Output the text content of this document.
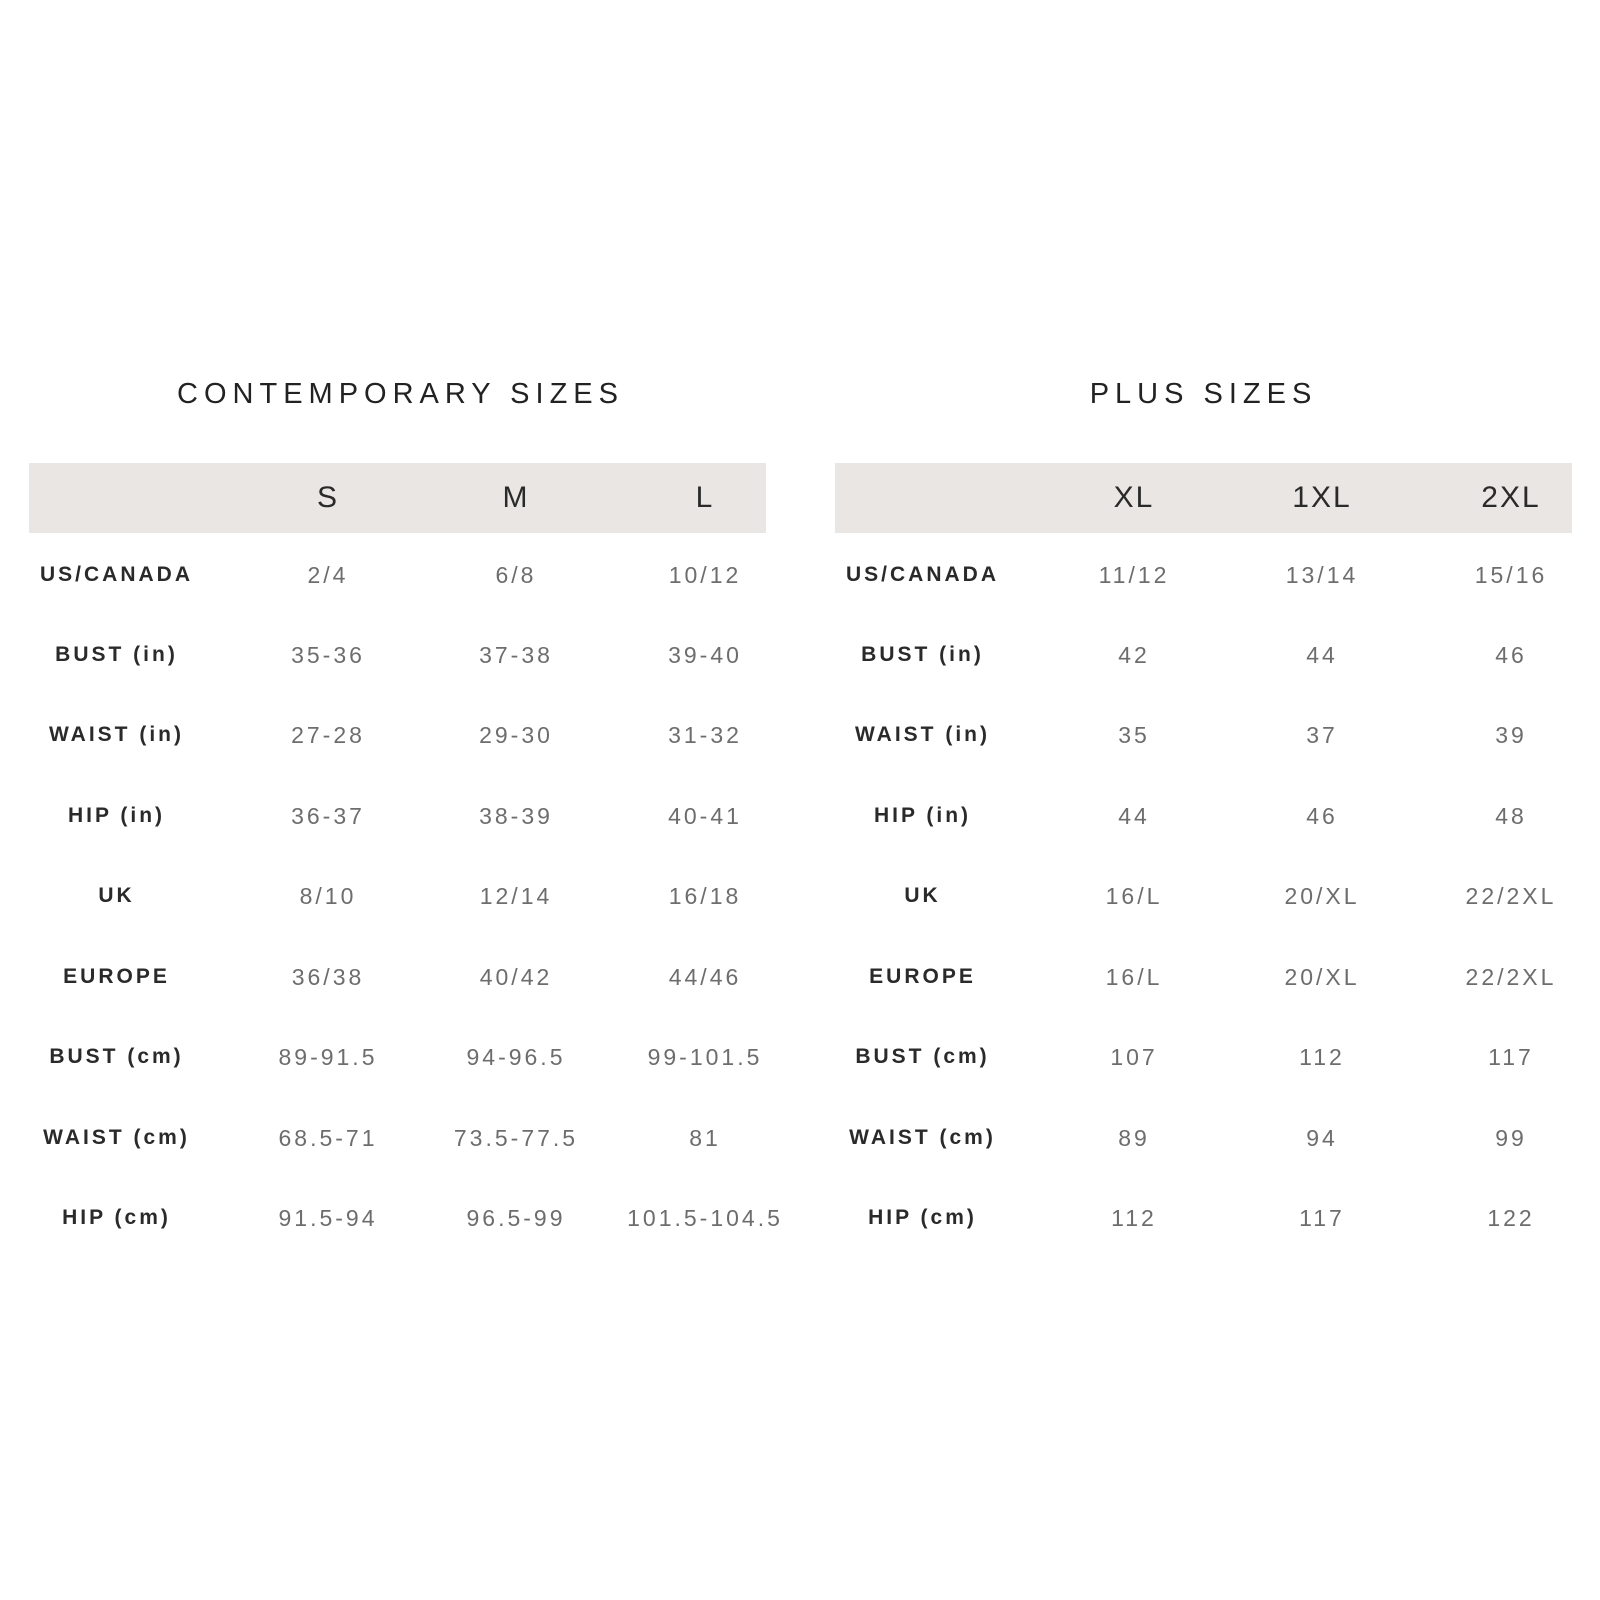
CONTEMPORARY SIZES
S	M	L
US/CANADA	2/4	6/8	10/12
BUST (in)	35-36	37-38	39-40
WAIST (in)	27-28	29-30	31-32
HIP (in)	36-37	38-39	40-41
UK	8/10	12/14	16/18
EUROPE	36/38	40/42	44/46
BUST (cm)	89-91.5	94-96.5	99-101.5
WAIST (cm)	68.5-71	73.5-77.5	81
HIP (cm)	91.5-94	96.5-99	101.5-104.5
PLUS SIZES
XL	1XL	2XL
US/CANADA	11/12	13/14	15/16
BUST (in)	42	44	46
WAIST (in)	35	37	39
HIP (in)	44	46	48
UK	16/L	20/XL	22/2XL
EUROPE	16/L	20/XL	22/2XL
BUST (cm)	107	112	117
WAIST (cm)	89	94	99
HIP (cm)	112	117	122
